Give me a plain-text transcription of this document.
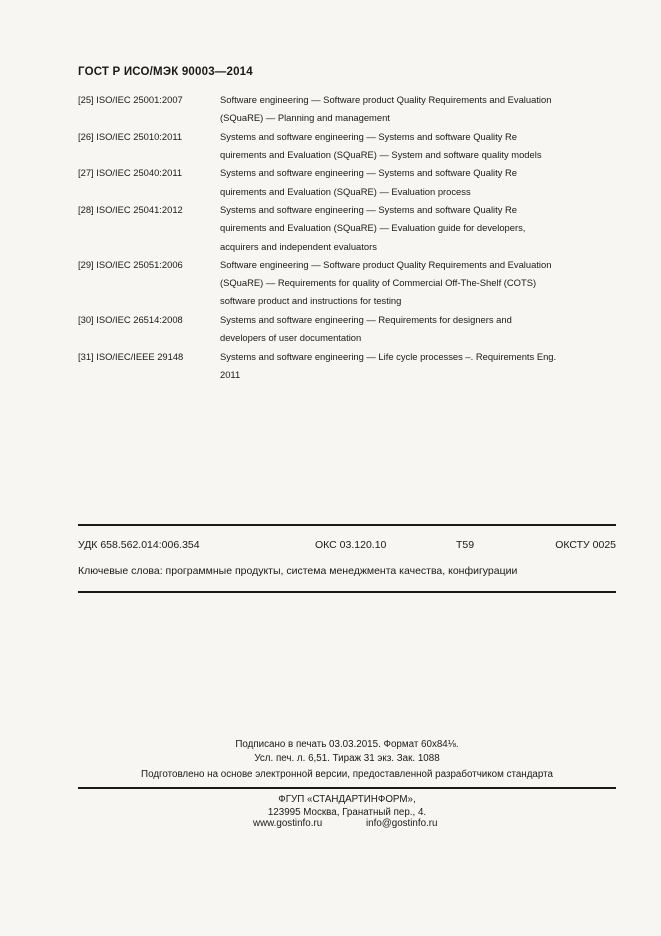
ГОСТ Р ИСО/МЭК 90003—2014
[25] ISO/IEC 25001:2007	Software engineering — Software product Quality Requirements and Evaluation (SQuaRE) — Planning and management
[26] ISO/IEC 25010:2011	Systems and software engineering — Systems and software Quality Re quirements and Evaluation (SQuaRE) — System and software quality models
[27] ISO/IEC 25040:2011	Systems and software engineering — Systems and software Quality Re quirements and Evaluation (SQuaRE) — Evaluation process
[28] ISO/IEC 25041:2012	Systems and software engineering — Systems and software Quality Re quirements and Evaluation (SQuaRE) — Evaluation guide for developers, acquirers and independent evaluators
[29] ISO/IEC 25051:2006	Software engineering — Software product Quality Requirements and Evaluation (SQuaRE) — Requirements for quality of Commercial Off-The-Shelf (COTS) software product and instructions for testing
[30] ISO/IEC 26514:2008	Systems and software engineering — Requirements for designers and developers of user documentation
[31] ISO/IEC/IEEE 29148	Systems and software engineering — Life cycle processes –. Requirements Eng. 2011
УДК 658.562.014:006.354	ОКС 03.120.10	Т59	ОКСТУ 0025
Ключевые слова: программные продукты, система менеджмента качества, конфигурации
Подписано в печать 03.03.2015. Формат 60x84⅛.
Усл. печ. л. 6,51. Тираж 31 экз. Зак. 1088
Подготовлено на основе электронной версии, предоставленной разработчиком стандарта
ФГУП «СТАНДАРТИНФОРМ»,
123995 Москва, Гранатный пер., 4.
www.gostinfo.ru	info@gostinfo.ru
